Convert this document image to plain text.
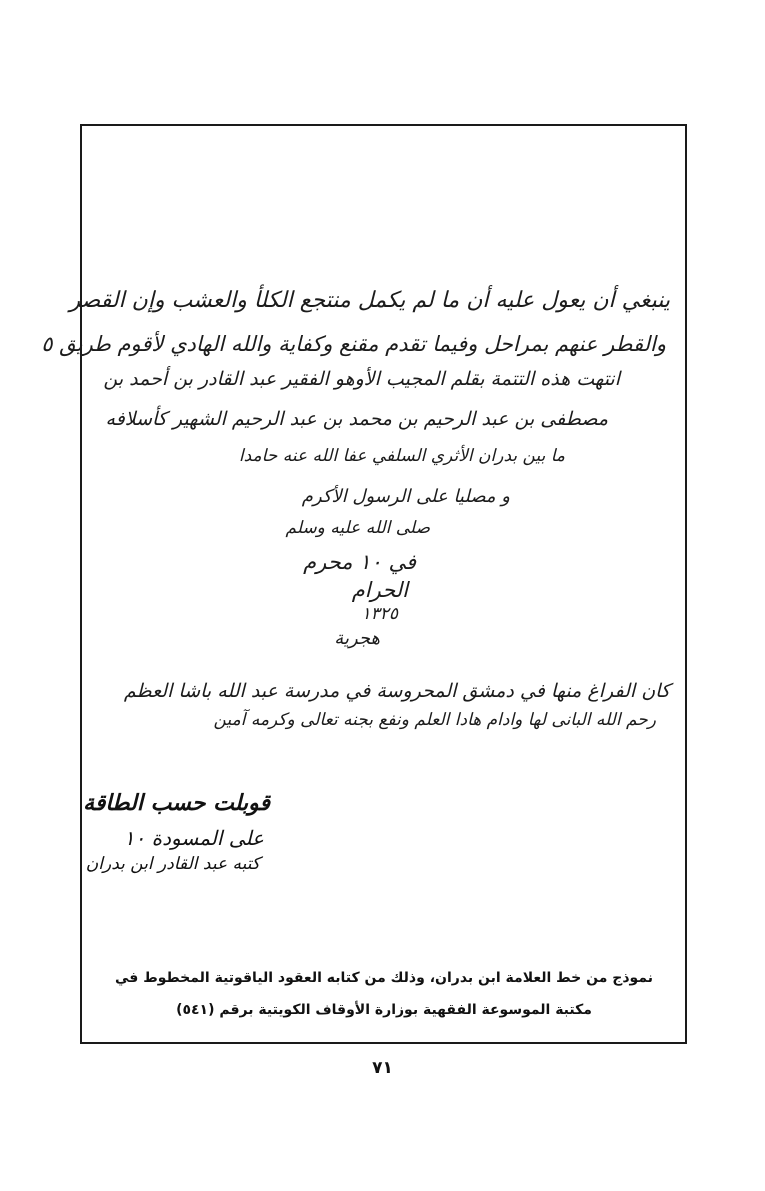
ينبغي أن يعول عليه أن ما لم يكمل منتجع الكلأ والعشب وإن القصر
والقطر عنهم بمراحل وفيما تقدم مقنع وكفاية والله الهادي لأقوم طريق ٥
انتهت هذه التتمة بقلم المجيب الأوهو الفقير عبد القادر بن أحمد بن
مصطفى بن عبد الرحيم بن محمد بن عبد الرحيم الشهير كأسلافه
ما بين بدران الأثري السلفي عفا الله عنه حامدا
و مصليا على الرسول الأكرم
صلى الله عليه وسلم
في ١٠ محرم
الحرام
١٣٢٥
هجرية
كان الفراغ منها في دمشق المحروسة في مدرسة عبد الله باشا العظم
رحم الله البانى لها وادام هادا العلم ونفع بجنه تعالى وكرمه آمين
قوبلت حسب الطاقة
على المسودة ١٠
كتبه عبد القادر ابن بدران
نموذج من خط العلامة ابن بدران، وذلك من كتابه العقود الياقوتية المخطوط في
مكتبة الموسوعة الفقهية بوزارة الأوقاف الكويتية برقم (٥٤١)
٧١
